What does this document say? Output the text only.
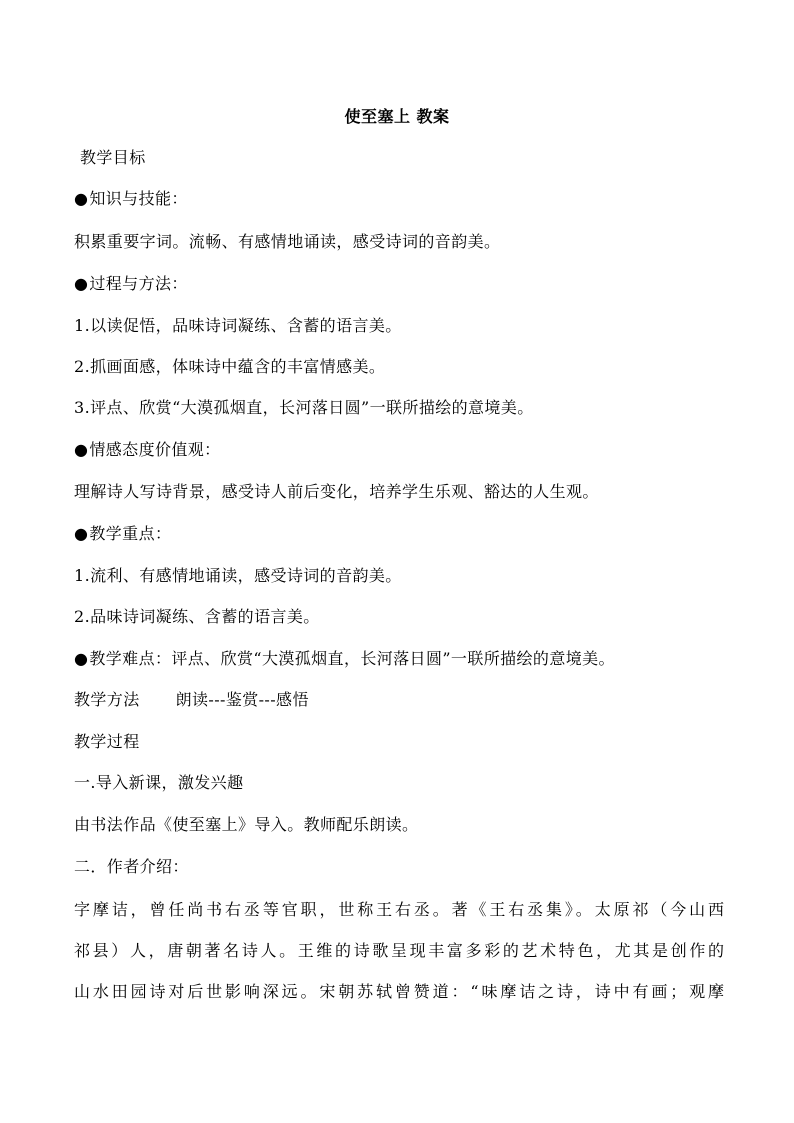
使至塞上 教案
教学目标
●知识与技能：
积累重要字词。流畅、有感情地诵读，感受诗词的音韵美。
●过程与方法：
1.以读促悟，品味诗词凝练、含蓄的语言美。
2.抓画面感，体味诗中蕴含的丰富情感美。
3.评点、欣赏“大漠孤烟直，长河落日圆”一联所描绘的意境美。
●情感态度价值观：
理解诗人写诗背景，感受诗人前后变化，培养学生乐观、豁达的人生观。
●教学重点：
1.流利、有感情地诵读，感受诗词的音韵美。
2.品味诗词凝练、含蓄的语言美。
●教学难点：评点、欣赏“大漠孤烟直，长河落日圆”一联所描绘的意境美。
教学方法 朗读---鉴赏---感悟
教学过程
一.导入新课，激发兴趣
由书法作品《使至塞上》导入。教师配乐朗读。
二．作者介绍：
字摩诘，曾任尚书右丞等官职，世称王右丞。著《王右丞集》。太原祁（今山西
祁县）人，唐朝著名诗人。王维的诗歌呈现丰富多彩的艺术特色，尤其是创作的
山水田园诗对后世影响深远。宋朝苏轼曾赞道：“味摩诘之诗，诗中有画；观摩
